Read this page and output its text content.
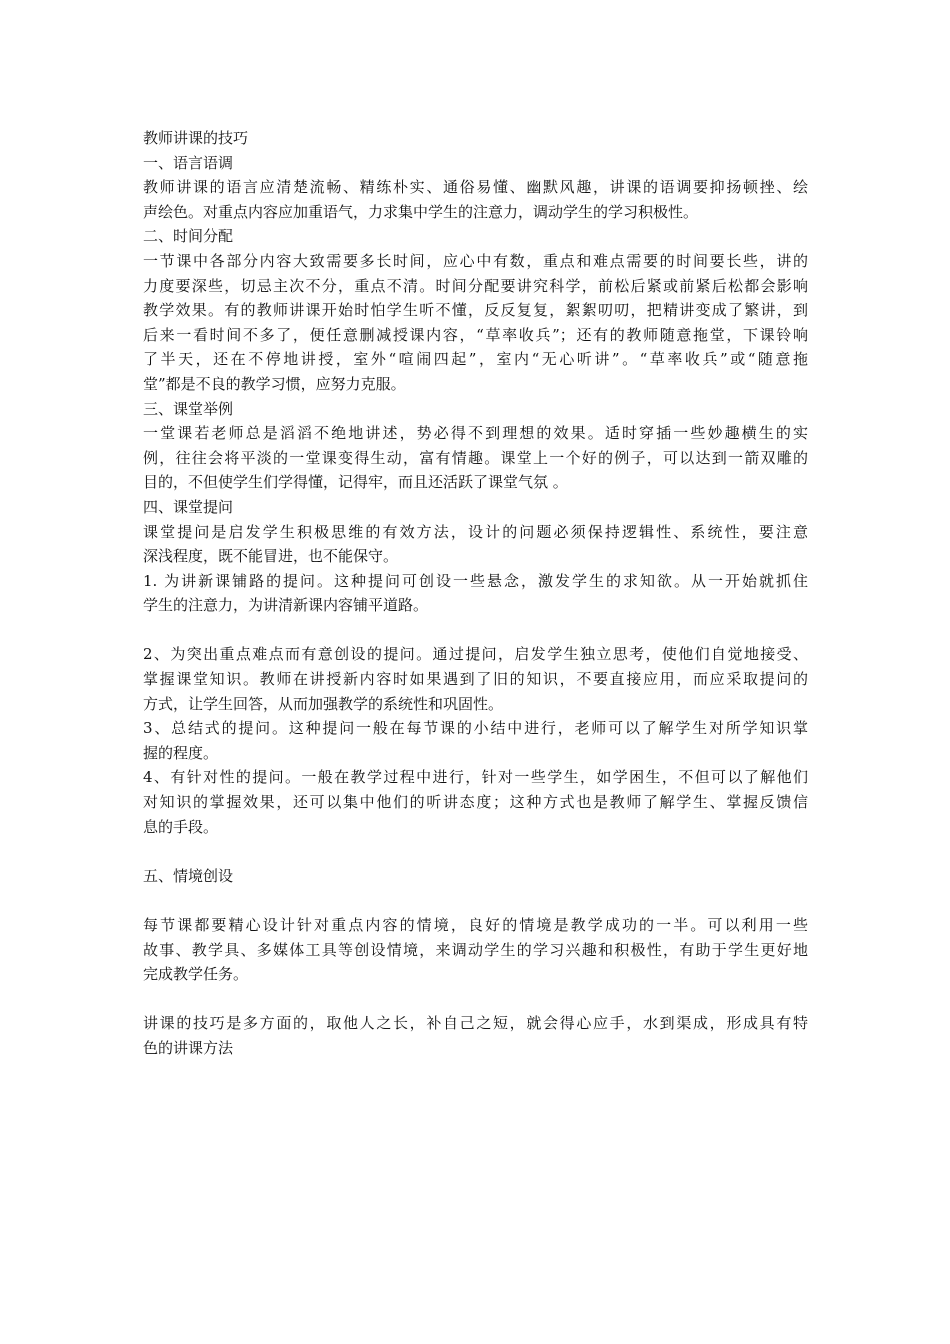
教师讲课的技巧
一、语言语调
教师讲课的语言应清楚流畅、精练朴实、通俗易懂、幽默风趣，讲课的语调要抑扬顿挫、绘
声绘色。对重点内容应加重语气，力求集中学生的注意力，调动学生的学习积极性。
二、时间分配
一节课中各部分内容大致需要多长时间，应心中有数，重点和难点需要的时间要长些，讲的
力度要深些，切忌主次不分，重点不清。时间分配要讲究科学，前松后紧或前紧后松都会影响
教学效果。有的教师讲课开始时怕学生听不懂，反反复复，絮絮叨叨，把精讲变成了繁讲，到
后来一看时间不多了，便任意删减授课内容，“草率收兵”；还有的教师随意拖堂，下课铃响
了半天，还在不停地讲授，室外“喧闹四起”，室内“无心听讲”。“草率收兵”或“随意拖
堂”都是不良的教学习惯，应努力克服。
三、课堂举例
一堂课若老师总是滔滔不绝地讲述，势必得不到理想的效果。适时穿插一些妙趣横生的实
例，往往会将平淡的一堂课变得生动，富有情趣。课堂上一个好的例子，可以达到一箭双雕的
目的，不但使学生们学得懂，记得牢，而且还活跃了课堂气氛 。
四、课堂提问
课堂提问是启发学生积极思维的有效方法，设计的问题必须保持逻辑性、系统性，要注意
深浅程度，既不能冒进，也不能保守。
1. 为讲新课铺路的提问。这种提问可创设一些悬念，激发学生的求知欲。从一开始就抓住
学生的注意力，为讲清新课内容铺平道路。
2、为突出重点难点而有意创设的提问。通过提问，启发学生独立思考，使他们自觉地接受、
掌握课堂知识。教师在讲授新内容时如果遇到了旧的知识，不要直接应用，而应采取提问的
方式，让学生回答，从而加强教学的系统性和巩固性。
3、总结式的提问。这种提问一般在每节课的小结中进行，老师可以了解学生对所学知识掌
握的程度。
4、有针对性的提问。一般在教学过程中进行，针对一些学生，如学困生，不但可以了解他们
对知识的掌握效果，还可以集中他们的听讲态度；这种方式也是教师了解学生、掌握反馈信
息的手段。
五、情境创设
每节课都要精心设计针对重点内容的情境，良好的情境是教学成功的一半。可以利用一些
故事、教学具、多媒体工具等创设情境，来调动学生的学习兴趣和积极性，有助于学生更好地
完成教学任务。
讲课的技巧是多方面的，取他人之长，补自己之短，就会得心应手，水到渠成，形成具有特
色的讲课方法
